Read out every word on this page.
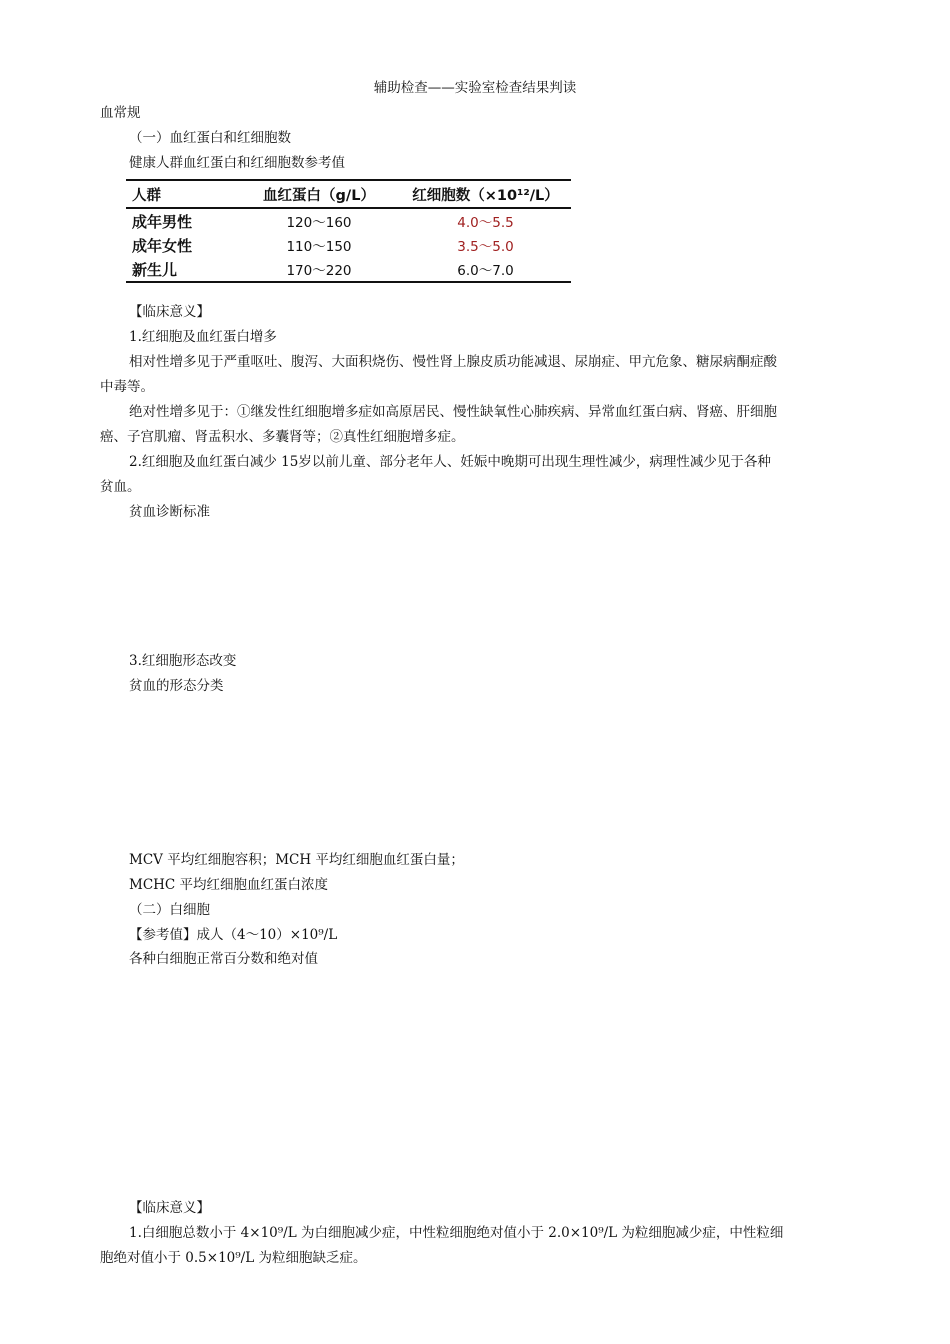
辅助检查——实验室检查结果判读
血常规
（一）血红蛋白和红细胞数
健康人群血红蛋白和红细胞数参考值
人群	血红蛋白（g/L）	红细胞数（×10¹²/L）
成年男性	120～160	4.0～5.5
成年女性	110～150	3.5～5.0
新生儿	170～220	6.0～7.0
【临床意义】
1.红细胞及血红蛋白增多
相对性增多见于严重呕吐、腹泻、大面积烧伤、慢性肾上腺皮质功能减退、尿崩症、甲亢危象、糖尿病酮症酸
中毒等。
绝对性增多见于：①继发性红细胞增多症如高原居民、慢性缺氧性心肺疾病、异常血红蛋白病、肾癌、肝细胞
癌、子宫肌瘤、肾盂积水、多囊肾等；②真性红细胞增多症。
2.红细胞及血红蛋白减少 15岁以前儿童、部分老年人、妊娠中晚期可出现生理性减少，病理性减少见于各种
贫血。
贫血诊断标准
3.红细胞形态改变
贫血的形态分类
MCV 平均红细胞容积；MCH 平均红细胞血红蛋白量；
MCHC 平均红细胞血红蛋白浓度
（二）白细胞
【参考值】成人（4～10）×10⁹/L
各种白细胞正常百分数和绝对值
【临床意义】
1.白细胞总数小于 4×10⁹/L 为白细胞减少症，中性粒细胞绝对值小于 2.0×10⁹/L 为粒细胞减少症，中性粒细
胞绝对值小于 0.5×10⁹/L 为粒细胞缺乏症。
